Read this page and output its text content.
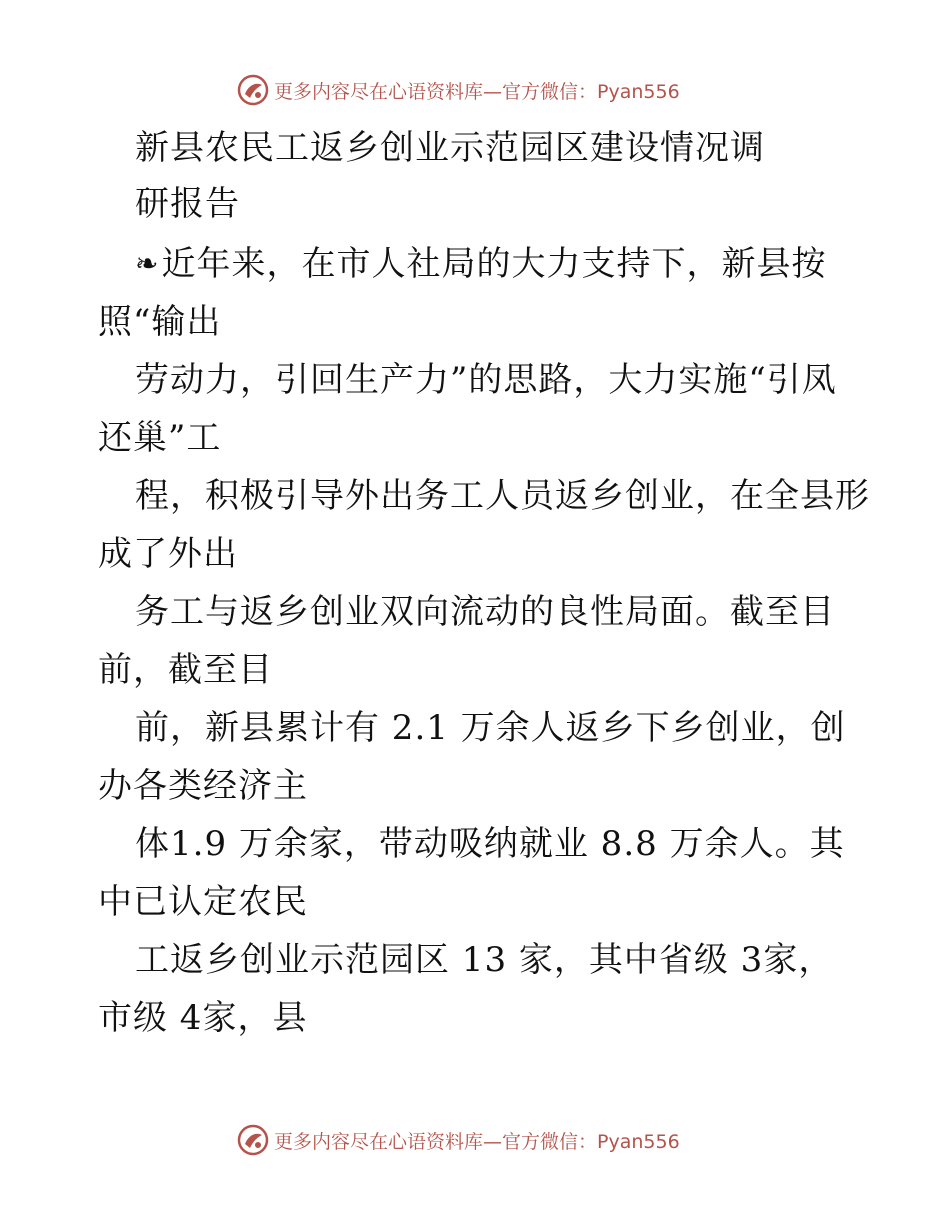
更多内容尽在心语资料库—官方微信：Pyan556
新县农民工返乡创业示范园区建设情况调
研报告
❧近年来，在市人社局的大力支持下，新县按
照“输出
劳动力，引回生产力”的思路，大力实施“引凤
还巢”工
程，积极引导外出务工人员返乡创业，在全县形
成了外出
务工与返乡创业双向流动的良性局面。截至目
前，截至目
前，新县累计有 2.1 万余人返乡下乡创业，创
办各类经济主
体1.9 万余家，带动吸纳就业 8.8 万余人。其
中已认定农民
工返乡创业示范园区 13 家，其中省级 3家，
市级 4家，县
更多内容尽在心语资料库—官方微信：Pyan556
